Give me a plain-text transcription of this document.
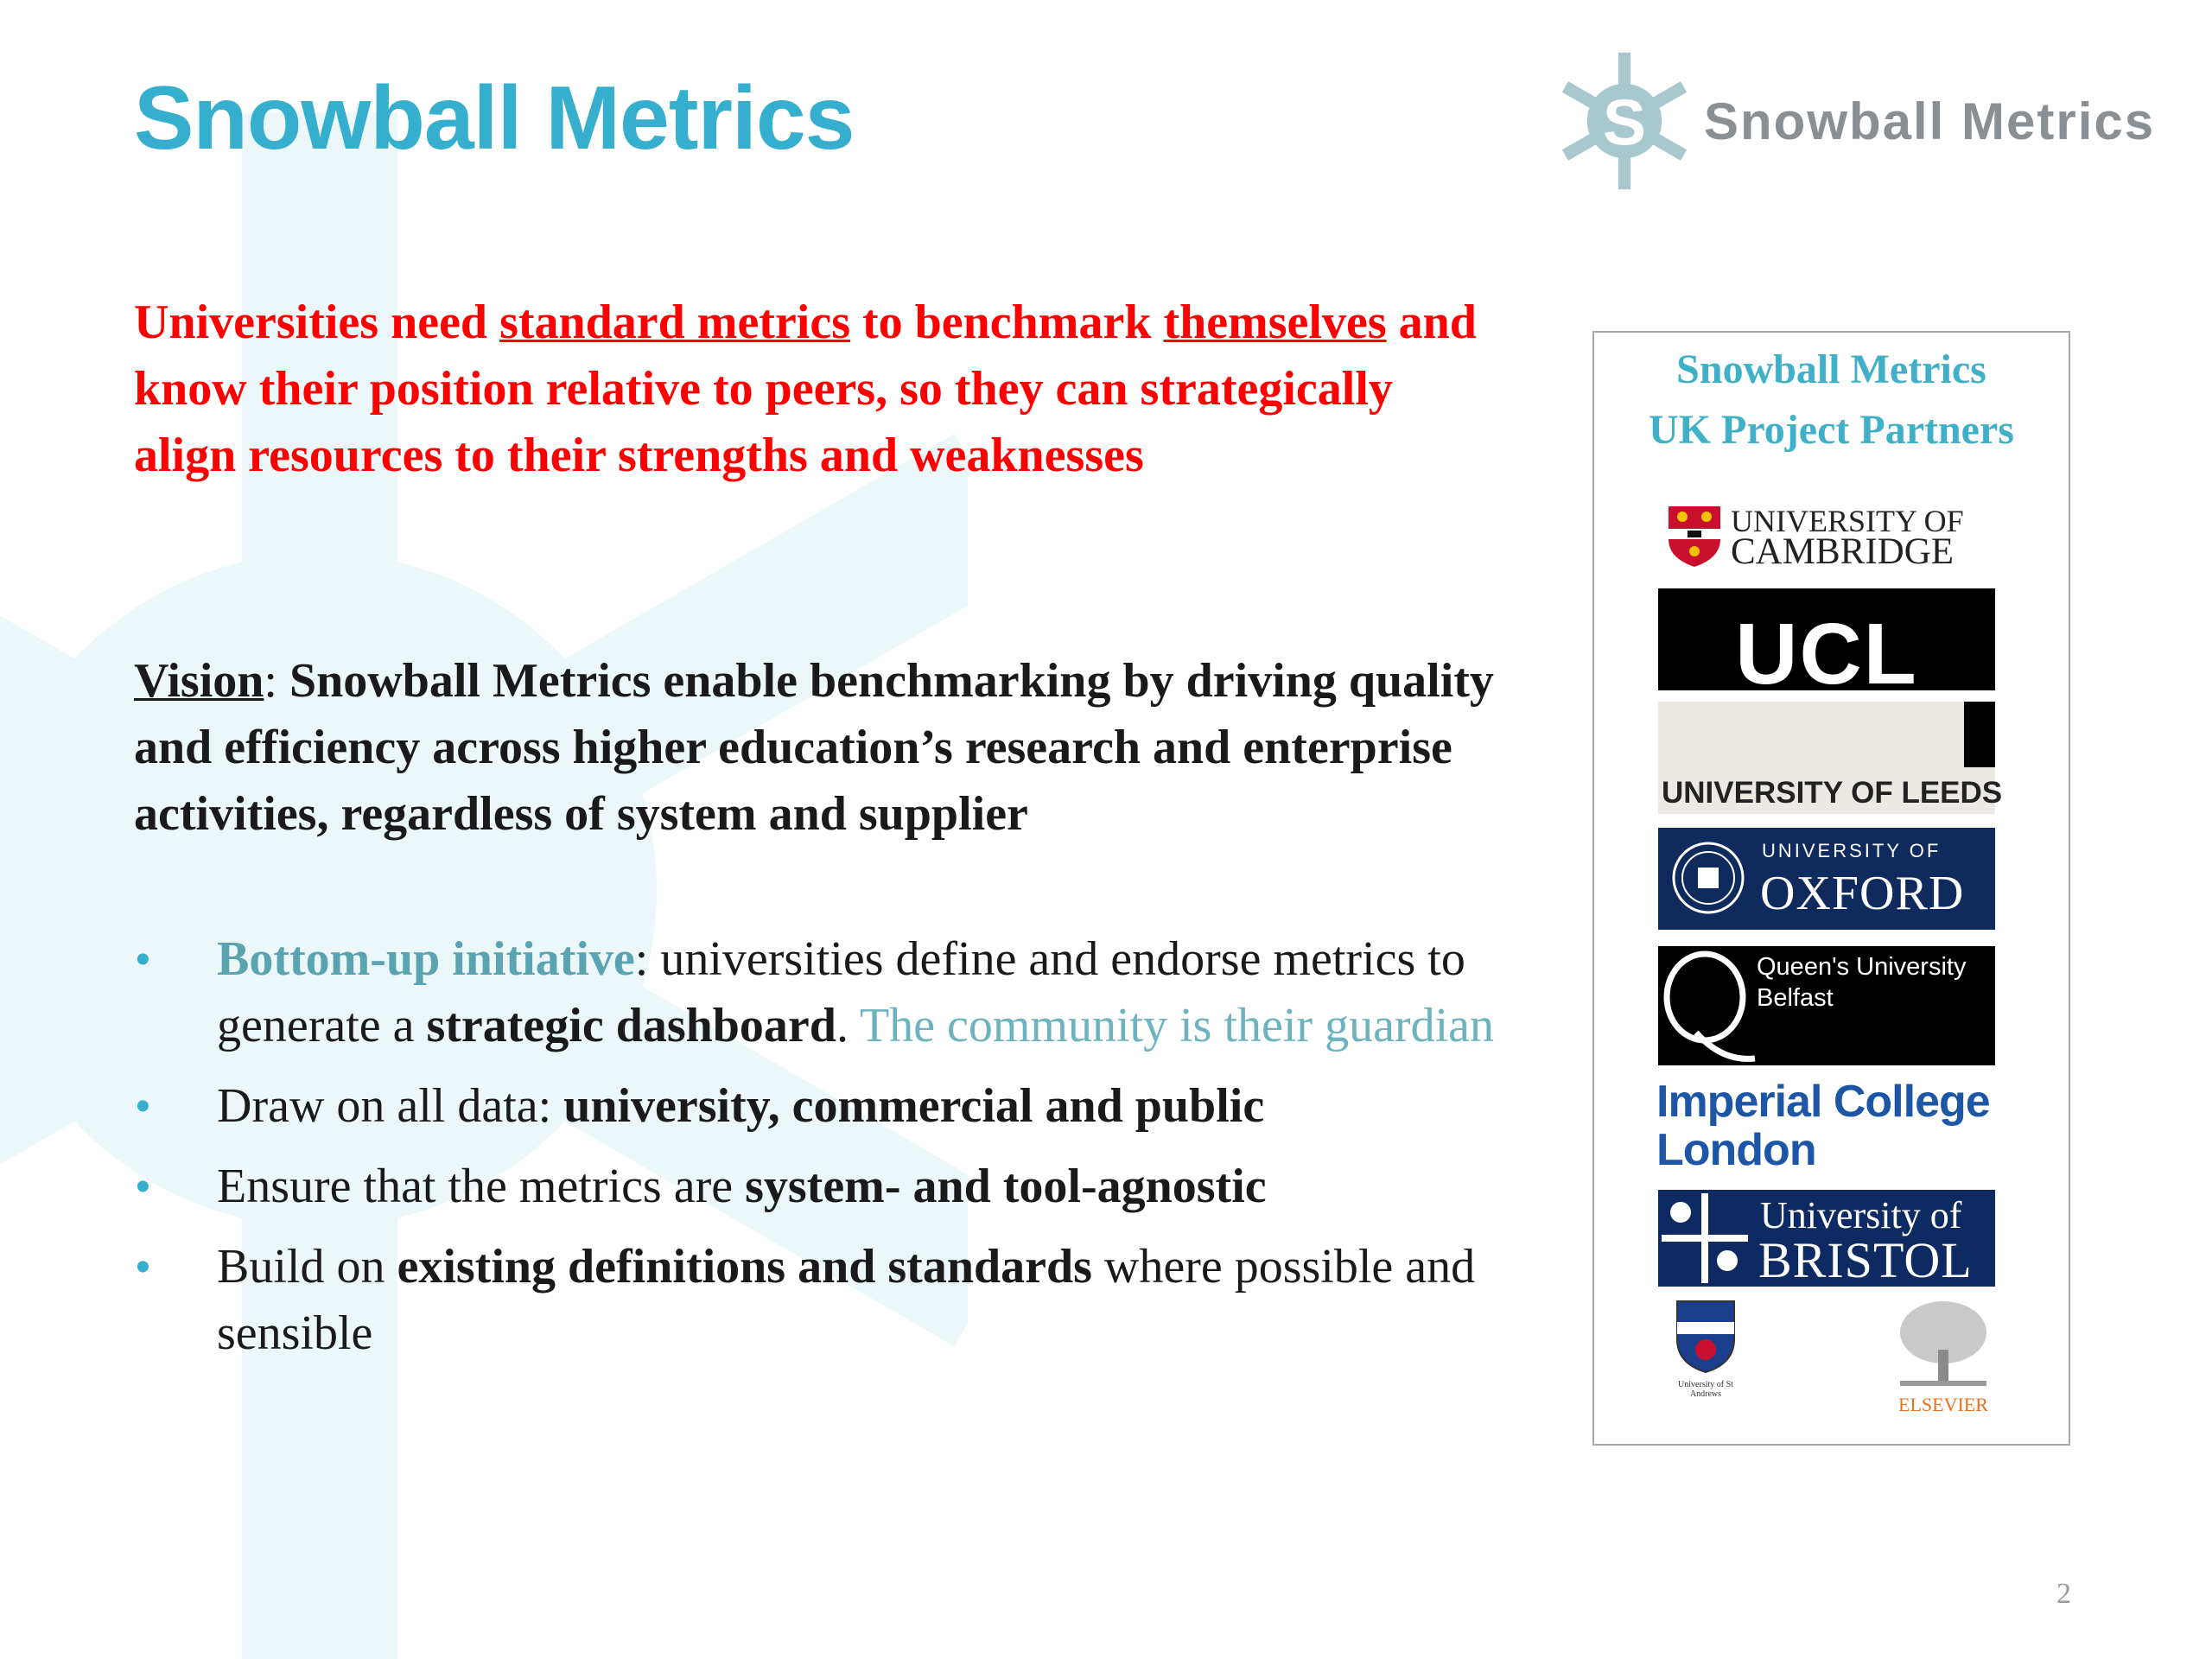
Snowball Metrics	S Snowball Metrics

Universities need standard metrics to benchmark themselves and know their position relative to peers, so they can strategically align resources to their strengths and weaknesses

Vision: Snowball Metrics enable benchmarking by driving quality and efficiency across higher education’s research and enterprise activities, regardless of system and supplier

• Bottom-up initiative: universities define and endorse metrics to generate a strategic dashboard. The community is their guardian
• Draw on all data: university, commercial and public
• Ensure that the metrics are system- and tool-agnostic
• Build on existing definitions and standards where possible and sensible
Snowball Metrics
UK Project Partners
UNIVERSITY OF
CAMBRIDGE
UCL
UNIVERSITY OF LEEDS
UNIVERSITY OF
OXFORD
Queen's University
Belfast
Imperial College
London
University of
BRISTOL
University of St Andrews	ELSEVIER
2
